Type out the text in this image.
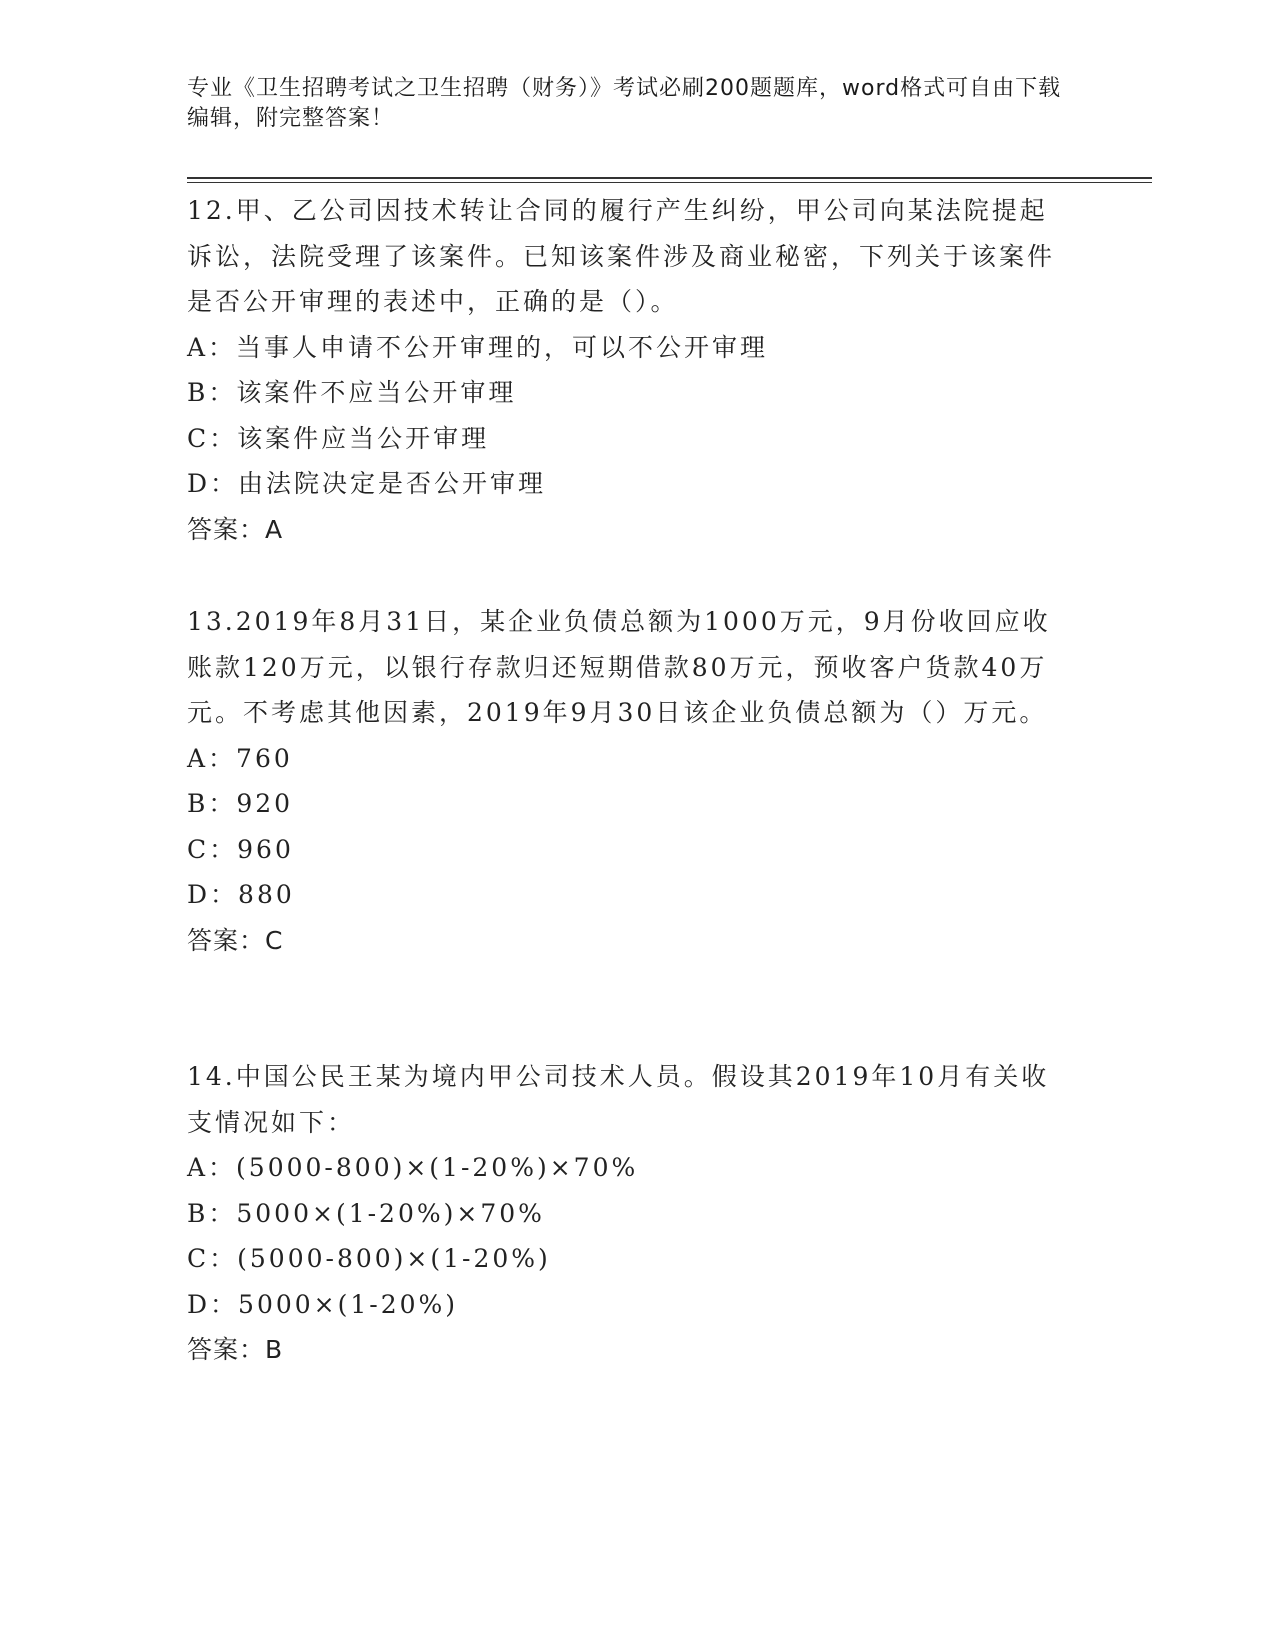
专业《卫生招聘考试之卫生招聘（财务）》考试必刷200题题库，word格式可自由下载编辑，附完整答案！

12.甲、乙公司因技术转让合同的履行产生纠纷，甲公司向某法院提起诉讼，法院受理了该案件。已知该案件涉及商业秘密，下列关于该案件是否公开审理的表述中，正确的是（）。

A：当事人申请不公开审理的，可以不公开审理

B：该案件不应当公开审理

C：该案件应当公开审理

D：由法院决定是否公开审理

答案：A

13.2019年8月31日，某企业负债总额为1000万元，9月份收回应收账款120万元，以银行存款归还短期借款80万元，预收客户货款40万元。不考虑其他因素，2019年9月30日该企业负债总额为（）万元。

A：760

B：920

C：960

D：880

答案：C

14.中国公民王某为境内甲公司技术人员。假设其2019年10月有关收支情况如下：

A：(5000-800)×(1-20%)×70%

B：5000×(1-20%)×70%

C：(5000-800)×(1-20%)

D：5000×(1-20%)

答案：B
